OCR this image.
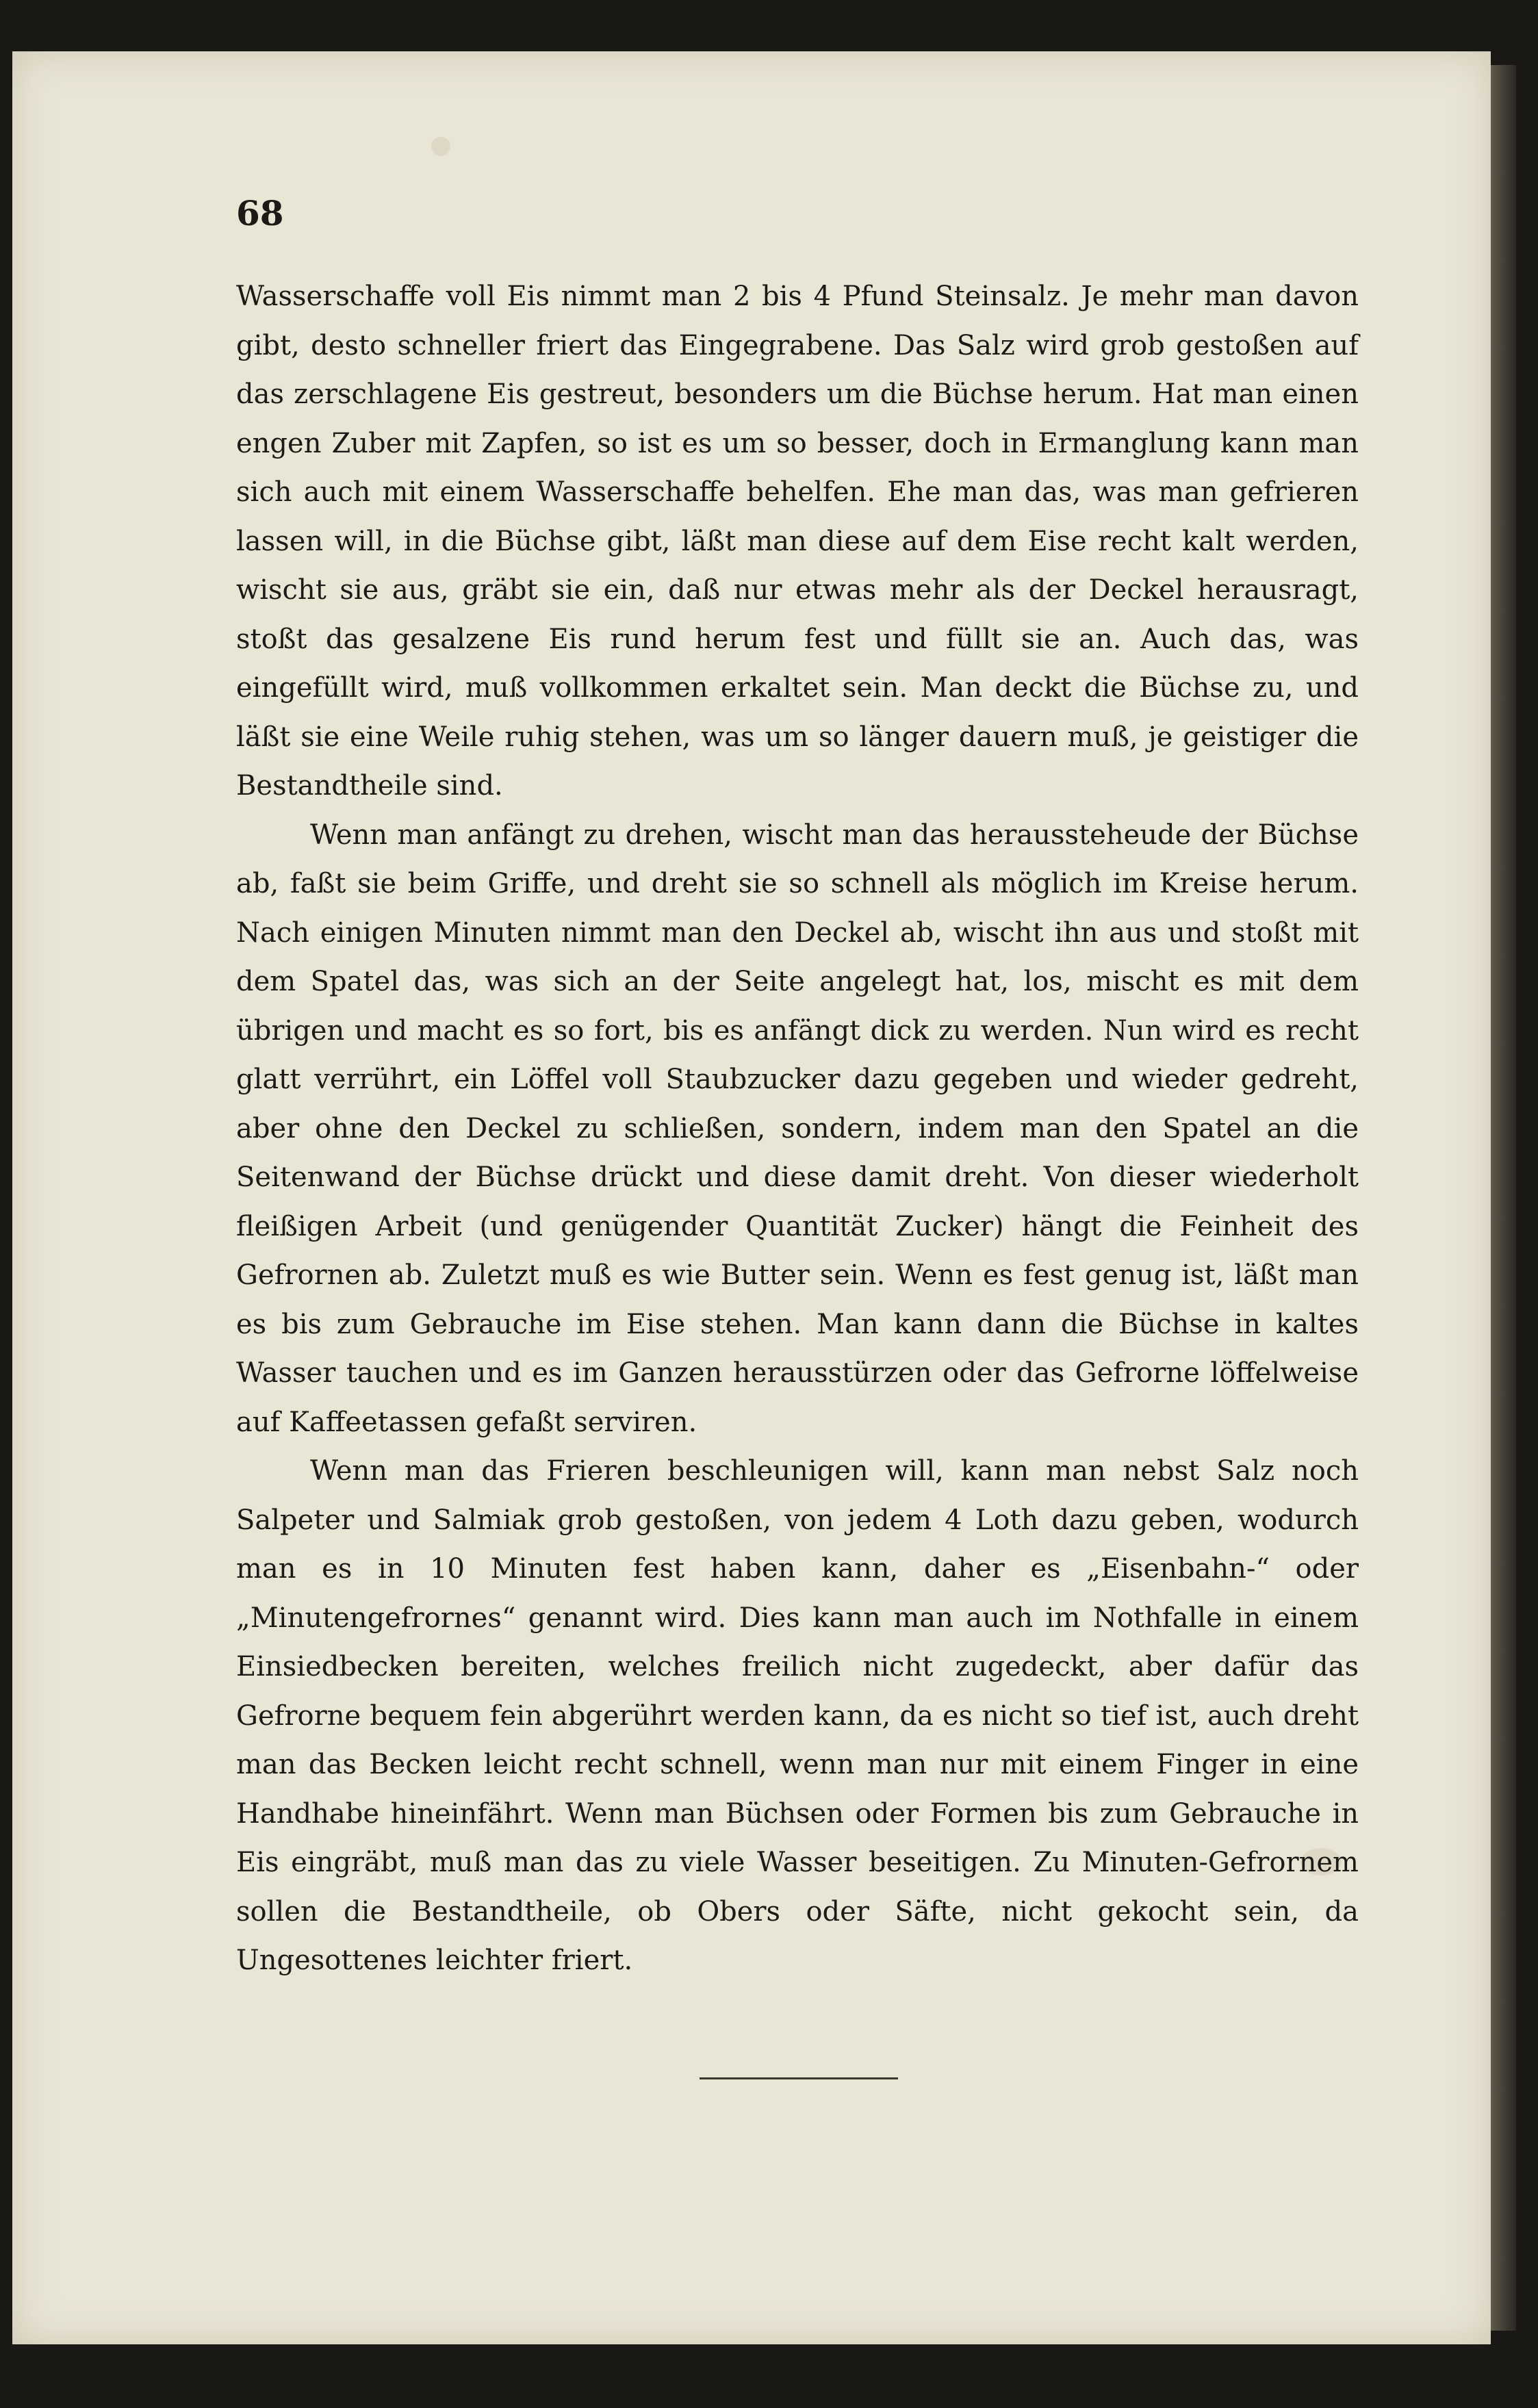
68

Wasserschaffe voll Eis nimmt man 2 bis 4 Pfund Steinsalz. Je mehr man davon gibt, desto schneller friert das Eingegrabene. Das Salz wird grob gestoßen auf das zerschlagene Eis gestreut, besonders um die Büchse herum. Hat man einen engen Zuber mit Zapfen, so ist es um so besser, doch in Ermanglung kann man sich auch mit einem Wasserschaffe behelfen. Ehe man das, was man gefrieren lassen will, in die Büchse gibt, läßt man diese auf dem Eise recht kalt werden, wischt sie aus, gräbt sie ein, daß nur etwas mehr als der Deckel herausragt, stoßt das gesalzene Eis rund herum fest und füllt sie an. Auch das, was eingefüllt wird, muß vollkommen erkaltet sein. Man deckt die Büchse zu, und läßt sie eine Weile ruhig stehen, was um so länger dauern muß, je geistiger die Bestandtheile sind.

Wenn man anfängt zu drehen, wischt man das heraussteheude der Büchse ab, faßt sie beim Griffe, und dreht sie so schnell als möglich im Kreise herum. Nach einigen Minuten nimmt man den Deckel ab, wischt ihn aus und stoßt mit dem Spatel das, was sich an der Seite angelegt hat, los, mischt es mit dem übrigen und macht es so fort, bis es anfängt dick zu werden. Nun wird es recht glatt verrührt, ein Löffel voll Staubzucker dazu gegeben und wieder gedreht, aber ohne den Deckel zu schließen, sondern, indem man den Spatel an die Seitenwand der Büchse drückt und diese damit dreht. Von dieser wiederholt fleißigen Arbeit (und genügender Quantität Zucker) hängt die Feinheit des Gefrornen ab. Zuletzt muß es wie Butter sein. Wenn es fest genug ist, läßt man es bis zum Gebrauche im Eise stehen. Man kann dann die Büchse in kaltes Wasser tauchen und es im Ganzen herausstürzen oder das Gefrorne löffelweise auf Kaffeetassen gefaßt serviren.

Wenn man das Frieren beschleunigen will, kann man nebst Salz noch Salpeter und Salmiak grob gestoßen, von jedem 4 Loth dazu geben, wodurch man es in 10 Minuten fest haben kann, daher es „Eisenbahn-“ oder „Minutengefrornes“ genannt wird. Dies kann man auch im Nothfalle in einem Einsiedbecken bereiten, welches freilich nicht zugedeckt, aber dafür das Gefrorne bequem fein abgerührt werden kann, da es nicht so tief ist, auch dreht man das Becken leicht recht schnell, wenn man nur mit einem Finger in eine Handhabe hineinfährt. Wenn man Büchsen oder Formen bis zum Gebrauche in Eis eingräbt, muß man das zu viele Wasser beseitigen. Zu Minuten-Gefrornem sollen die Bestandtheile, ob Obers oder Säfte, nicht gekocht sein, da Ungesottenes leichter friert.
